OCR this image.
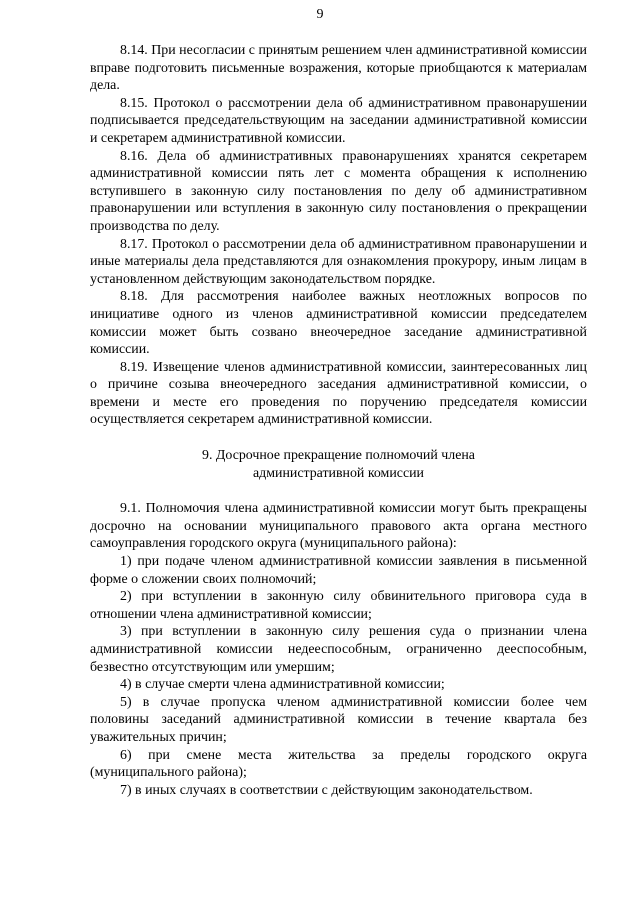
9

8.14. При несогласии с принятым решением член административной комиссии вправе подготовить письменные возражения, которые приобщаются к материалам дела.

8.15. Протокол о рассмотрении дела об административном правонарушении подписывается председательствующим на заседании административной комиссии и секретарем административной комиссии.

8.16. Дела об административных правонарушениях хранятся секретарем административной комиссии пять лет с момента обращения к исполнению вступившего в законную силу постановления по делу об административном правонарушении или вступления в законную силу постановления о прекращении производства по делу.

8.17. Протокол о рассмотрении дела об административном правонарушении и иные материалы дела представляются для ознакомления прокурору, иным лицам в установленном действующим законодательством порядке.

8.18. Для рассмотрения наиболее важных неотложных вопросов по инициативе одного из членов административной комиссии председателем комиссии может быть созвано внеочередное заседание административной комиссии.

8.19. Извещение членов административной комиссии, заинтересованных лиц о причине созыва внеочередного заседания административной комиссии, о времени и месте его проведения по поручению председателя комиссии осуществляется секретарем административной комиссии.

9. Досрочное прекращение полномочий члена
административной комиссии

9.1. Полномочия члена административной комиссии могут быть прекращены досрочно на основании муниципального правового акта органа местного самоуправления городского округа (муниципального района):

1) при подаче членом административной комиссии заявления в письменной форме о сложении своих полномочий;

2) при вступлении в законную силу обвинительного приговора суда в отношении члена административной комиссии;

3) при вступлении в законную силу решения суда о признании члена административной комиссии недееспособным, ограниченно дееспособным, безвестно отсутствующим или умершим;

4) в случае смерти члена административной комиссии;

5) в случае пропуска членом административной комиссии более чем половины заседаний административной комиссии в течение квартала без уважительных причин;

6) при смене места жительства за пределы городского округа (муниципального района);

7) в иных случаях в соответствии с действующим законодательством.
